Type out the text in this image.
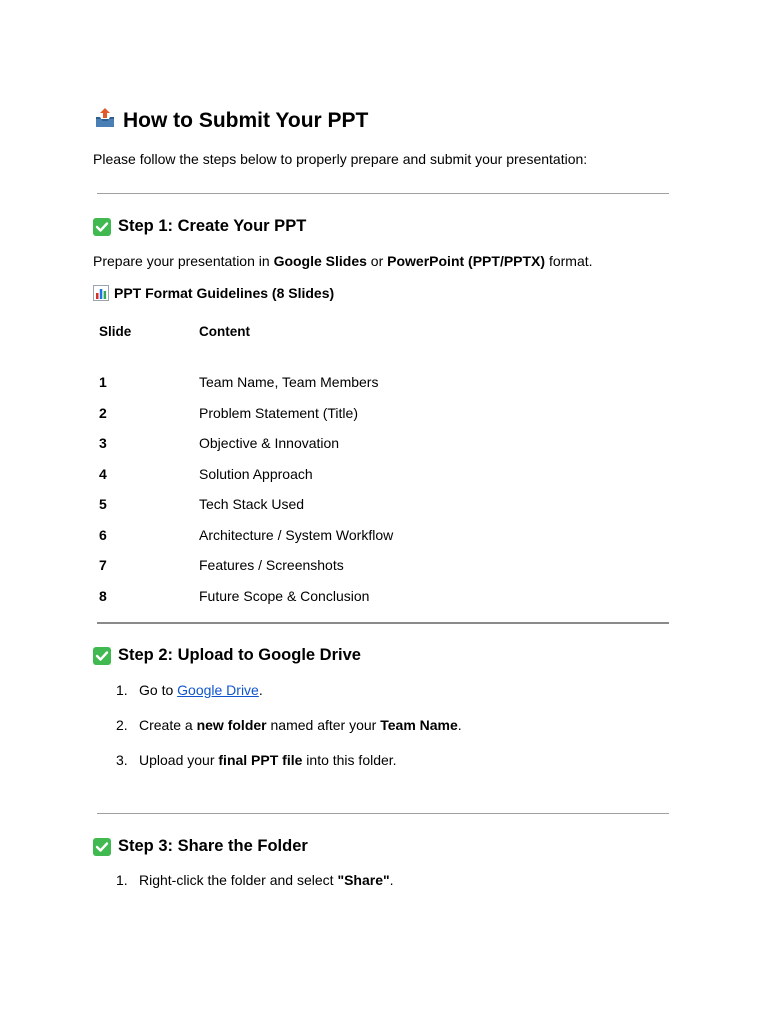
How to Submit Your PPT

Please follow the steps below to properly prepare and submit your presentation:

Step 1: Create Your PPT

Prepare your presentation in Google Slides or PowerPoint (PPT/PPTX) format.

PPT Format Guidelines (8 Slides)
Slide	Content
1	Team Name, Team Members
2	Problem Statement (Title)
3	Objective & Innovation
4	Solution Approach
5	Tech Stack Used
6	Architecture / System Workflow
7	Features / Screenshots
8	Future Scope & Conclusion
Step 2: Upload to Google Drive
1. Go to Google Drive.
2. Create a new folder named after your Team Name.
3. Upload your final PPT file into this folder.
Step 3: Share the Folder
1. Right-click the folder and select "Share".
